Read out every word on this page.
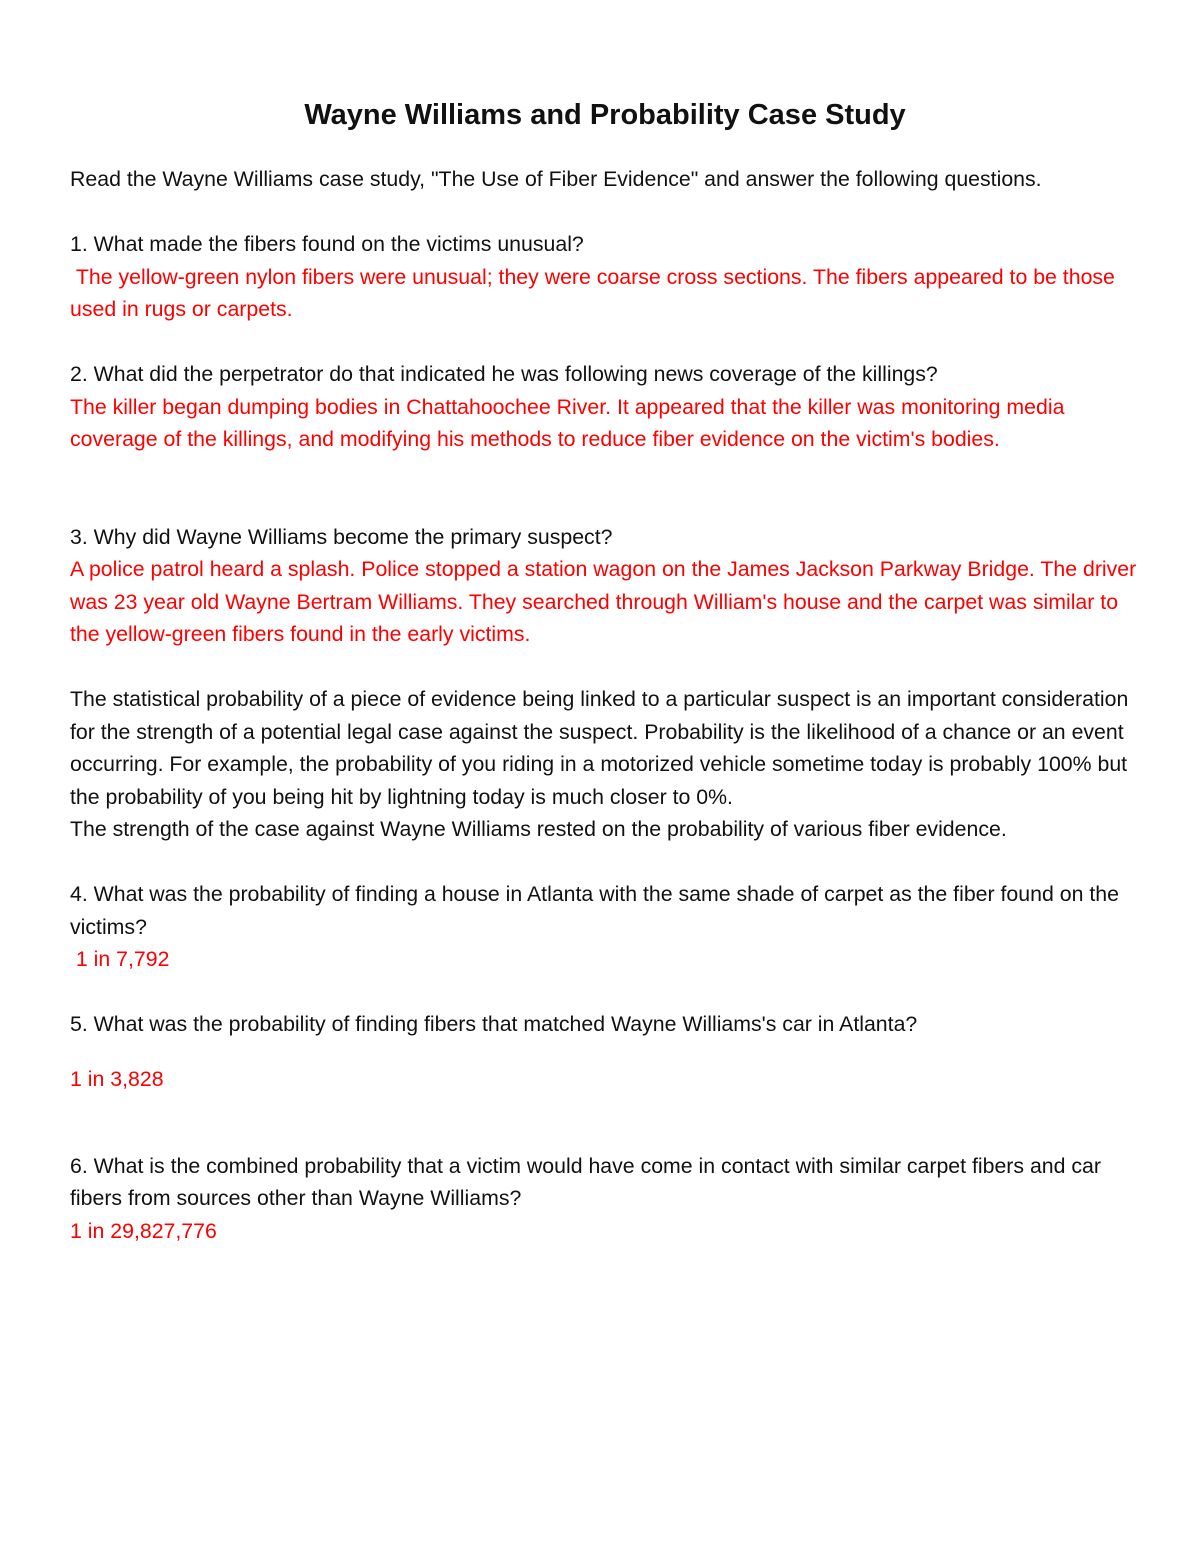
Wayne Williams and Probability Case Study

Read the Wayne Williams case study, "The Use of Fiber Evidence" and answer the following questions.

1. What made the fibers found on the victims unusual?

The yellow-green nylon fibers were unusual; they were coarse cross sections. The fibers appeared to be those used in rugs or carpets.

2. What did the perpetrator do that indicated he was following news coverage of the killings?

The killer began dumping bodies in Chattahoochee River. It appeared that the killer was monitoring media coverage of the killings, and modifying his methods to reduce fiber evidence on the victim's bodies.

3. Why did Wayne Williams become the primary suspect?

A police patrol heard a splash. Police stopped a station wagon on the James Jackson Parkway Bridge. The driver was 23 year old Wayne Bertram Williams. They searched through William's house and the carpet was similar to the yellow-green fibers found in the early victims.

The statistical probability of a piece of evidence being linked to a particular suspect is an important consideration for the strength of a potential legal case against the suspect. Probability is the likelihood of a chance or an event occurring. For example, the probability of you riding in a motorized vehicle sometime today is probably 100% but the probability of you being hit by lightning today is much closer to 0%.

The strength of the case against Wayne Williams rested on the probability of various fiber evidence.

4. What was the probability of finding a house in Atlanta with the same shade of carpet as the fiber found on the victims?

1 in 7,792

5. What was the probability of finding fibers that matched Wayne Williams's car in Atlanta?

1 in 3,828

6. What is the combined probability that a victim would have come in contact with similar carpet fibers and car fibers from sources other than Wayne Williams?

1 in 29,827,776
